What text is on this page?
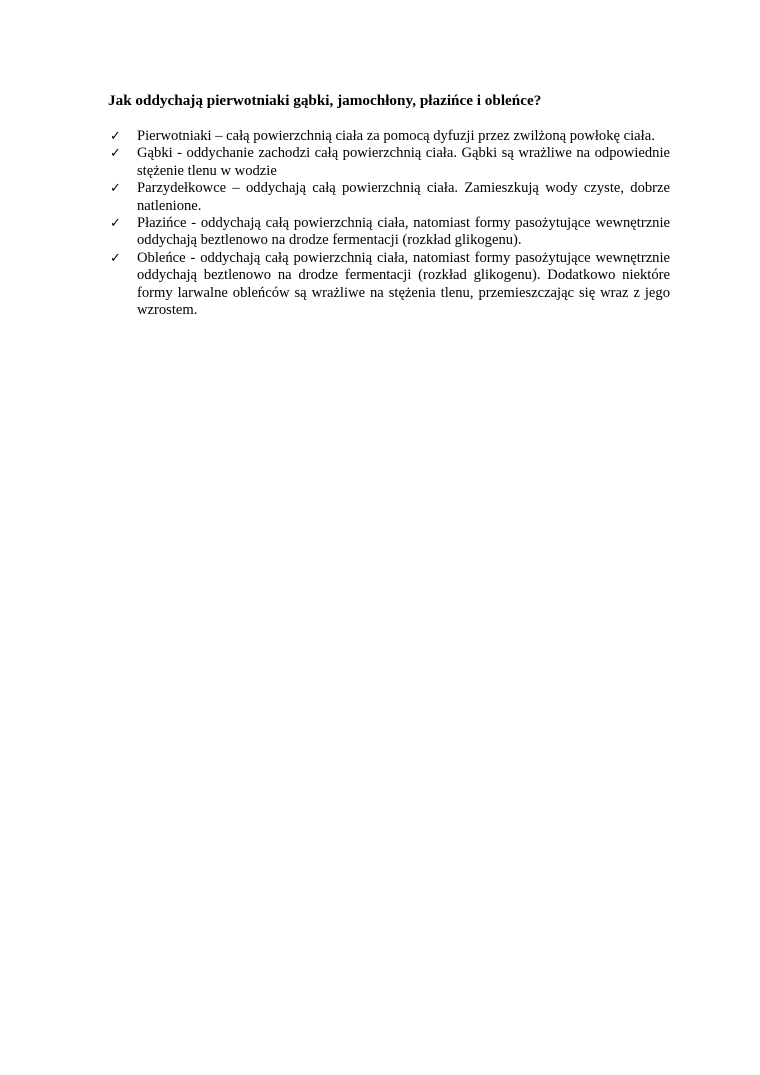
Jak oddychają pierwotniaki gąbki, jamochłony, płazińce i obleńce?
✓ Pierwotniaki – całą powierzchnią ciała za pomocą dyfuzji przez zwilżoną powłokę ciała.
✓ Gąbki - oddychanie zachodzi całą powierzchnią ciała. Gąbki są wrażliwe na odpowiednie stężenie tlenu w wodzie
✓ Parzydełkowce – oddychają całą powierzchnią ciała. Zamieszkują wody czyste, dobrze natlenione.
✓ Płazińce - oddychają całą powierzchnią ciała, natomiast formy pasożytujące wewnętrznie oddychają beztlenowo na drodze fermentacji (rozkład glikogenu).
✓ Obleńce - oddychają całą powierzchnią ciała, natomiast formy pasożytujące wewnętrznie oddychają beztlenowo na drodze fermentacji (rozkład glikogenu). Dodatkowo niektóre formy larwalne obleńców są wrażliwe na stężenia tlenu, przemieszczając się wraz z jego wzrostem.
